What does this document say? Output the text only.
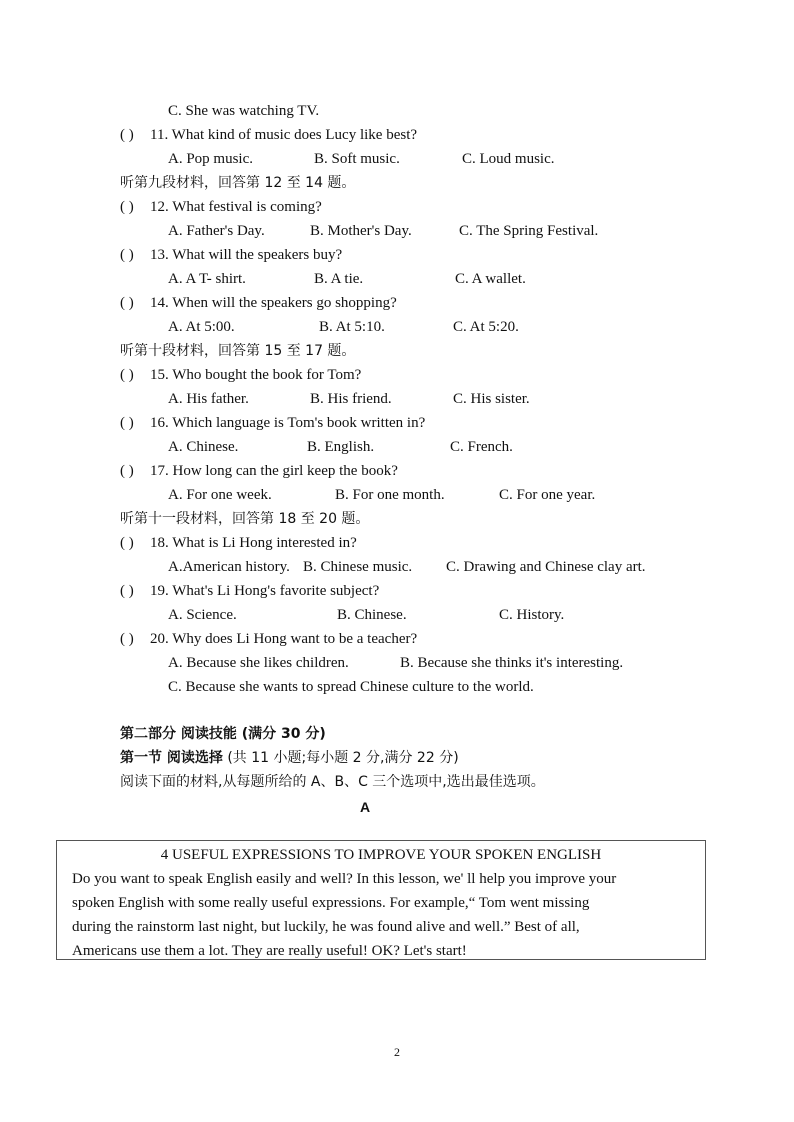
C. She was watching TV.
( ) 11. What kind of music does Lucy like best?
A. Pop music.	B. Soft music.	C. Loud music.
听第九段材料，回答第 12 至 14 题。
( ) 12. What festival is coming?
A. Father's Day.	B. Mother's Day.	C. The Spring Festival.
( ) 13. What will the speakers buy?
A. A T- shirt.	B. A tie.	C. A wallet.
( ) 14. When will the speakers go shopping?
A. At 5:00.	B. At 5:10.	C. At 5:20.
听第十段材料，回答第 15 至 17 题。
( ) 15. Who bought the book for Tom?
A. His father.	B. His friend.	C. His sister.
( ) 16. Which language is Tom's book written in?
A. Chinese.	B. English.	C. French.
( ) 17. How long can the girl keep the book?
A. For one week.	B. For one month.	C. For one year.
听第十一段材料，回答第 18 至 20 题。
( ) 18. What is Li Hong interested in?
A.American history. B. Chinese music. C. Drawing and Chinese clay art.
( ) 19. What's Li Hong's favorite subject?
A. Science.	B. Chinese.	C. History.
( ) 20. Why does Li Hong want to be a teacher?
A. Because she likes children.	B. Because she thinks it's interesting.
C. Because she wants to spread Chinese culture to the world.
第二部分 阅读技能 (满分 30 分)
第一节 阅读选择 (共 11 小题;每小题 2 分,满分 22 分)
阅读下面的材料,从每题所给的 A、B、C 三个选项中,选出最佳选项。
A
4 USEFUL EXPRESSIONS TO IMPROVE YOUR SPOKEN ENGLISH
Do you want to speak English easily and well? In this lesson, we' ll help you improve your
spoken English with some really useful expressions. For example,“ Tom went missing
during the rainstorm last night, but luckily, he was found alive and well.” Best of all,
Americans use them a lot. They are really useful! OK? Let's start!
2
